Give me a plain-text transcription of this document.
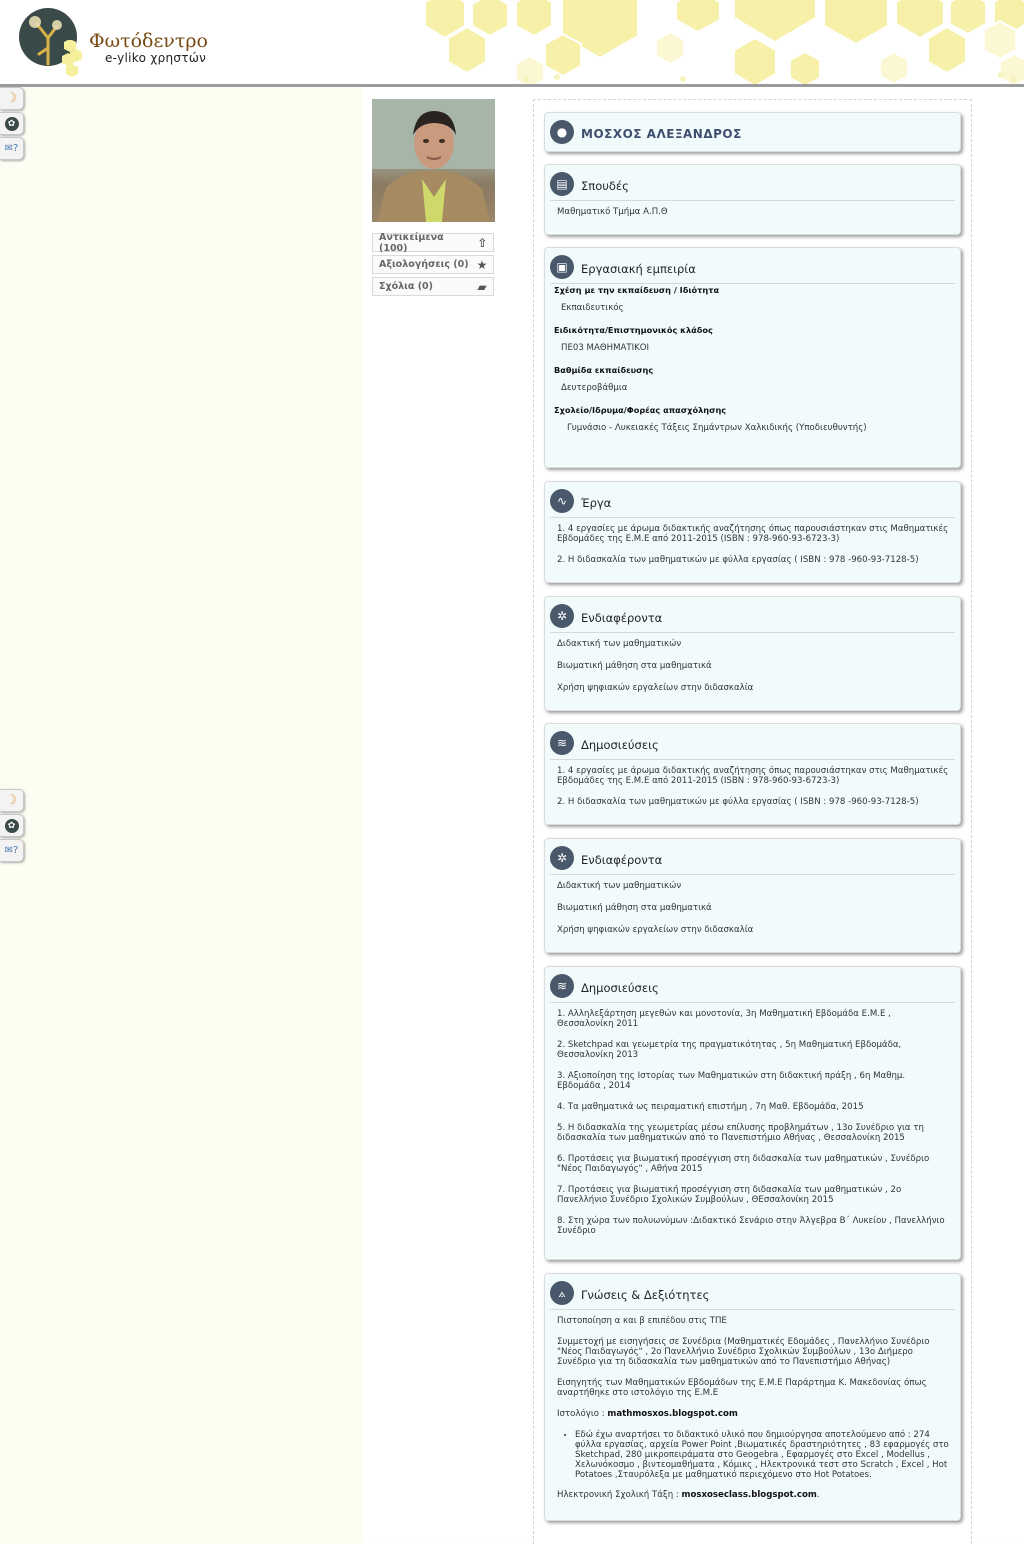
Φωτόδεντρο
e-yliko χρηστών
☽
✿
✉?
☽
✿
✉?
Αντικείμενα (100)	⇧
Αξιολογήσεις (0) ★
Σχόλια (0)	▰
●	ΜΟΣΧΟΣ ΑΛΕΞΑΝΔΡΟΣ
▤	Σπουδές
Μαθηματικό Τμήμα Α.Π.Θ
▣	Εργασιακή εμπειρία
Σχέση με την εκπαίδευση / Ιδιότητα
Εκπαιδευτικός
Ειδικότητα/Επιστημονικός κλάδος
ΠΕ03 ΜΑΘΗΜΑΤΙΚΟΙ
Βαθμίδα εκπαίδευσης
Δευτεροβάθμια
Σχολείο/Ιδρυμα/Φορέας απασχόλησης
Γυμνάσιο - Λυκειακές Τάξεις Σημάντρων Χαλκιδικής (Υποδιευθυντής)
∿	Έργα
1. 4 εργασίες με άρωμα διδακτικής αναζήτησης όπως παρουσιάστηκαν στις Μαθηματικές Εβδομάδες της Ε.Μ.Ε από 2011-2015 (ISBN : 978-960-93-6723-3)
2. Η διδασκαλία των μαθηματικών με φύλλα εργασίας ( ISBN : 978 -960-93-7128-5)
✲	Ενδιαφέροντα
Διδακτική των μαθηματικών
Βιωματική μάθηση στα μαθηματικά
Χρήση ψηφιακών εργαλείων στην διδασκαλία
≋	Δημοσιεύσεις
1. 4 εργασίες με άρωμα διδακτικής αναζήτησης όπως παρουσιάστηκαν στις Μαθηματικές Εβδομάδες της Ε.Μ.Ε από 2011-2015 (ISBN : 978-960-93-6723-3)
2. Η διδασκαλία των μαθηματικών με φύλλα εργασίας ( ISBN : 978 -960-93-7128-5)
✲	Ενδιαφέροντα
Διδακτική των μαθηματικών
Βιωματική μάθηση στα μαθηματικά
Χρήση ψηφιακών εργαλείων στην διδασκαλία
≋	Δημοσιεύσεις
1. Αλληλεξάρτηση μεγεθών και μονοτονία, 3η Μαθηματική Εβδομάδα Ε.Μ.Ε , Θεσσαλονίκη 2011
2. Sketchpad και γεωμετρία της πραγματικότητας , 5η Μαθηματική Εβδομάδα, Θεσσαλονίκη 2013
3. Αξιοποίηση της Ιστορίας των Μαθηματικών στη διδακτική πράξη , 6η Μαθημ. Εβδομάδα , 2014
4. Τα μαθηματικά ως πειραματική επιστήμη , 7η Μαθ. Εβδομάδα, 2015
5. Η διδασκαλία της γεωμετρίας μέσω επίλυσης προβλημάτων , 13ο Συνέδριο για τη διδασκαλία των μαθηματικών από το Πανεπιστήμιο Αθήνας , Θεσσαλονίκη 2015
6. Προτάσεις για βιωματική προσέγγιση στη διδασκαλία των μαθηματικών , Συνέδριο "Νέος Παιδαγωγός" , Αθήνα 2015
7. Προτάσεις για βιωματική προσέγγιση στη διδασκαλία των μαθηματικών , 2ο Πανελλήνιο Συνέδριο Σχολικών Συμβούλων , ΘΕσσαλονίκη 2015
8. Στη χώρα των πολυωνύμων :Διδακτικό Σενάριο στην Άλγεβρα Β΄ Λυκείου , Πανελλήνιο Συνέδριο
⟑	Γνώσεις & Δεξιότητες
Πιστοποίηση α και β επιπέδου στις ΤΠΕ
Συμμετοχή με εισηγήσεις σε Συνέδρια (Μαθηματικές Εδομάδες , Πανελλήνιο Συνέδριο "Νέος Παιδαγωγός" , 2ο Πανελλήνιο Συνέδριο Σχολικών Συμβούλων , 13ο Διήμερο Συνέδριο για τη διδασκαλία των μαθηματικών από το Πανεπιστήμιο Αθήνας)
Εισηγητής των Μαθηματικών Εβδομάδων της Ε.Μ.Ε Παράρτημα Κ. Μακεδονίας όπως αναρτήθηκε στο ιστολόγιο της Ε.Μ.Ε
Ιστολόγιο : mathmosxos.blogspot.com
• Εδώ έχω αναρτήσει το διδακτικό υλικό που δημιούργησα αποτελούμενο από : 274 φύλλα εργασίας, αρχεία Power Point ,Βιωματικές δραστηριότητες , 83 εφαρμογές στο Sketchpad, 280 μικροπειράματα στο Geogebra , Εφαρμογές στο Excel , Modellus , Χελωνόκοσμο , βιντεομαθήματα , Κόμικς , Ηλεκτρονικά τεστ στο Scratch , Excel , Hot Potatoes ,Σταυρόλεξα με μαθηματικό περιεχόμενο στο Hot Potatoes.
Ηλεκτρονική Σχολική Τάξη : mosxoseclass.blogspot.com.
